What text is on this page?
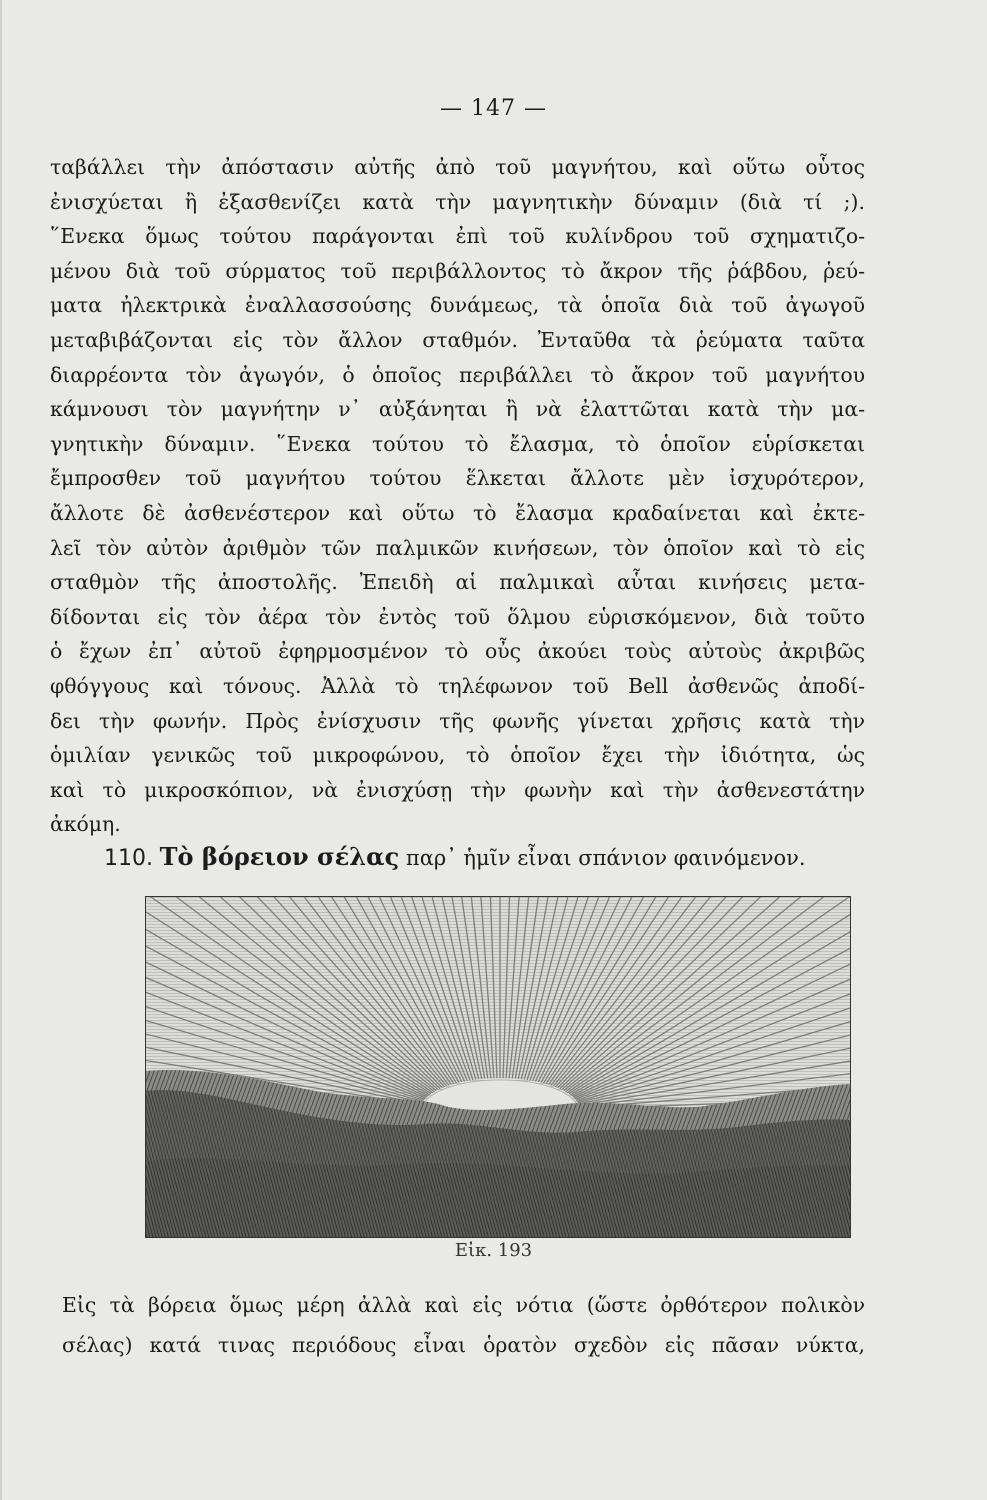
— 147 —
ταβάλλει τὴν ἀπόστασιν αὐτῆς ἀπὸ τοῦ μαγνήτου, καὶ οὕτω οὗτος
ἐνισχύεται ἢ ἐξασθενίζει κατὰ τὴν μαγνητικὴν δύναμιν (διὰ τί ;).
῞Ενεκα ὅμως τούτου παράγονται ἐπὶ τοῦ κυλίνδρου τοῦ σχηματιζο-
μένου διὰ τοῦ σύρματος τοῦ περιβάλλοντος τὸ ἄκρον τῆς ῥάβδου, ῥεύ-
ματα ἠλεκτρικὰ ἐναλλασσούσης δυνάμεως, τὰ ὁποῖα διὰ τοῦ ἀγωγοῦ
μεταβιβάζονται εἰς τὸν ἄλλον σταθμόν. Ἐνταῦθα τὰ ῥεύματα ταῦτα
διαρρέοντα τὸν ἀγωγόν, ὁ ὁποῖος περιβάλλει τὸ ἄκρον τοῦ μαγνήτου
κάμνουσι τὸν μαγνήτην ν᾽ αὐξάνηται ἢ νὰ ἐλαττῶται κατὰ τὴν μα-
γνητικὴν δύναμιν. ῞Ενεκα τούτου τὸ ἔλασμα, τὸ ὁποῖον εὑρίσκεται
ἔμπροσθεν τοῦ μαγνήτου τούτου ἕλκεται ἄλλοτε μὲν ἰσχυρότερον,
ἄλλοτε δὲ ἀσθενέστερον καὶ οὕτω τὸ ἔλασμα κραδαίνεται καὶ ἐκτε-
λεῖ τὸν αὐτὸν ἀριθμὸν τῶν παλμικῶν κινήσεων, τὸν ὁποῖον καὶ τὸ εἰς
σταθμὸν τῆς ἀποστολῆς. Ἐπειδὴ αἱ παλμικαὶ αὗται κινήσεις μετα-
δίδονται εἰς τὸν ἀέρα τὸν ἐντὸς τοῦ ὅλμου εὑρισκόμενον, διὰ τοῦτο
ὁ ἔχων ἐπ᾽ αὐτοῦ ἐφηρμοσμένον τὸ οὖς ἀκούει τοὺς αὐτοὺς ἀκριβῶς
φθόγγους καὶ τόνους. Ἀλλὰ τὸ τηλέφωνον τοῦ Bell ἀσθενῶς ἀποδί-
δει τὴν φωνήν. Πρὸς ἐνίσχυσιν τῆς φωνῆς γίνεται χρῆσις κατὰ τὴν
ὁμιλίαν γενικῶς τοῦ μικροφώνου, τὸ ὁποῖον ἔχει τὴν ἰδιότητα, ὡς
καὶ τὸ μικροσκόπιον, νὰ ἐνισχύσῃ τὴν φωνὴν καὶ τὴν ἀσθενεστάτην
ἀκόμη.
110. Τὸ βόρειον σέλας παρ᾽ ἡμῖν εἶναι σπάνιον φαινόμενον.
Εἰκ. 193
Εἰς τὰ βόρεια ὅμως μέρη ἀλλὰ καὶ εἰς νότια (ὥστε ὀρθότερον πολικὸν
σέλας) κατά τινας περιόδους εἶναι ὁρατὸν σχεδὸν εἰς πᾶσαν νύκτα,
